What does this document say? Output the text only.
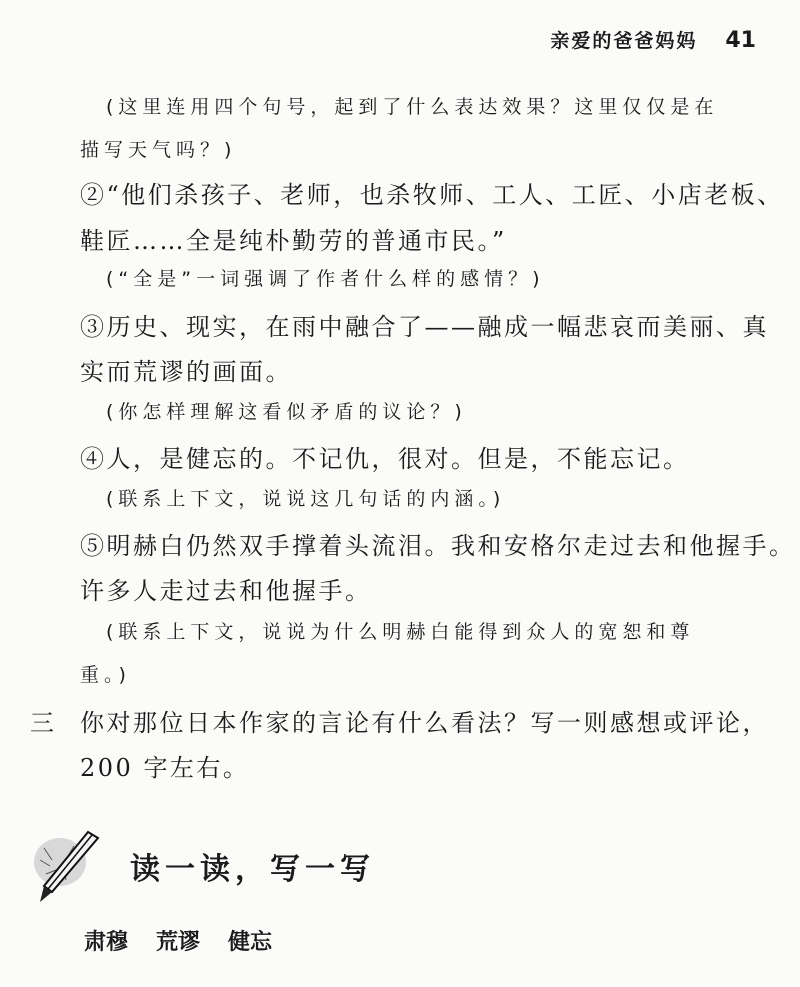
亲爱的爸爸妈妈 41
(这里连用四个句号，起到了什么表达效果？这里仅仅是在
描写天气吗？)
②“他们杀孩子、老师，也杀牧师、工人、工匠、小店老板、
鞋匠……全是纯朴勤劳的普通市民。”
(“全是”一词强调了作者什么样的感情？)
③历史、现实，在雨中融合了——融成一幅悲哀而美丽、真
实而荒谬的画面。
(你怎样理解这看似矛盾的议论？)
④人，是健忘的。不记仇，很对。但是，不能忘记。
(联系上下文，说说这几句话的内涵。)
⑤明赫白仍然双手撑着头流泪。我和安格尔走过去和他握手。
许多人走过去和他握手。
(联系上下文，说说为什么明赫白能得到众人的宽恕和尊
重。)
三 你对那位日本作家的言论有什么看法？写一则感想或评论，
200 字左右。
读一读，写一写
肃穆 荒谬 健忘
